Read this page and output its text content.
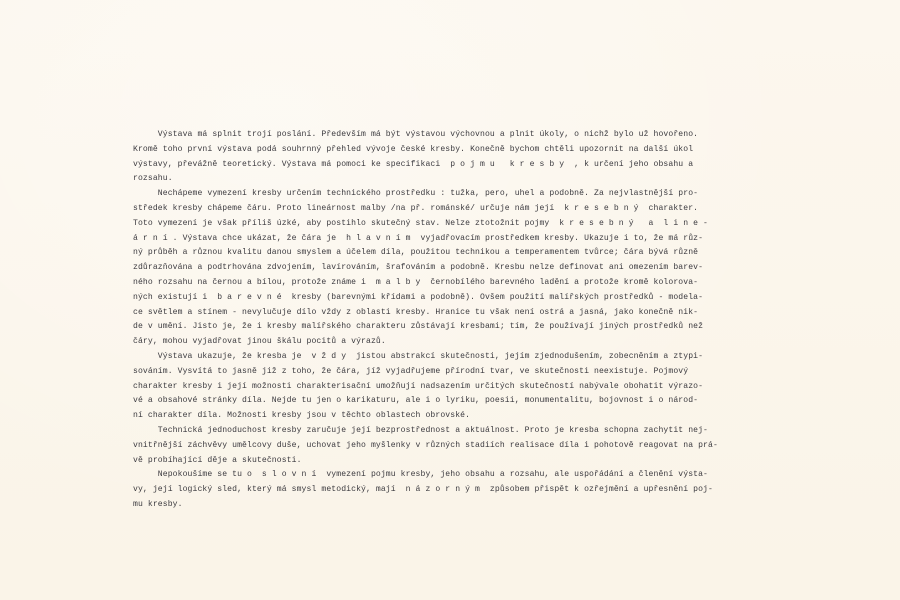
Výstava má splnit trojí poslání. Především má být výstavou výchovnou a plnit úkoly, o nichž bylo už hovořeno.
Kromě toho první výstava podá souhrnný přehled vývoje české kresby. Konečně bychom chtěli upozornit na další úkol
výstavy, převážně teoretický. Výstava má pomoci ke specifikaci  p o j m u   k r e s b y  , k určení jeho obsahu a
rozsahu.
Nechápeme vymezení kresby určením technického prostředku : tužka, pero, uhel a podobně. Za nejvlastnější pro-
středek kresby chápeme čáru. Proto lineárnost malby /na př. románské/ určuje nám její  k r e s e b n ý  charakter.
Toto vymezení je však příliš úzké, aby postihlo skutečný stav. Nelze ztotožnit pojmy  k r e s e b n ý   a  l i n e -
á r n í . Výstava chce ukázat, že čára je  h l a v n í m  vyjadřovacím prostředkem kresby. Ukazuje i to, že má růz-
ný průběh a různou kvalitu danou smyslem a účelem díla, použitou technikou a temperamentem tvůrce; čára bývá různě
zdůrazňována a podtrhována zdvojením, lavírováním, šrafováním a podobně. Kresbu nelze definovat ani omezením barev-
ného rozsahu na černou a bílou, protože známe i  m a l b y  černobílého barevného ladění a protože kromě kolorova-
ných existují i  b a r e v n é  kresby (barevnými křídami a podobně). Ovšem použití malířských prostředků - modela-
ce světlem a stínem - nevylučuje dílo vždy z oblasti kresby. Hranice tu však není ostrá a jasná, jako konečně nik-
de v umění. Jisto je, že i kresby malířského charakteru zůstávají kresbami; tím, že používají jiných prostředků než
čáry, mohou vyjadřovat jinou škálu pocitů a výrazů.
Výstava ukazuje, že kresba je  v ž d y  jistou abstrakcí skutečnosti, jejím zjednodušením, zobecněním a ztypi-
sováním. Vysvítá to jasně již z toho, že čára, jíž vyjadřujeme přírodní tvar, ve skutečnosti neexistuje. Pojmový
charakter kresby i její možnosti charakterisační umožňují nadsazením určitých skutečností nabývale obohatit výrazo-
vé a obsahové stránky díla. Nejde tu jen o karikaturu, ale i o lyriku, poesii, monumentalitu, bojovnost i o národ-
ní charakter díla. Možnosti kresby jsou v těchto oblastech obrovské.
Technická jednoduchost kresby zaručuje její bezprostřednost a aktuálnost. Proto je kresba schopna zachytit nej-
vnitřnější záchvěvy umělcovy duše, uchovat jeho myšlenky v různých stadiích realisace díla i pohotově reagovat na prá-
vě probíhající děje a skutečnosti.
Nepokoušíme se tu o  s l o v n í  vymezení pojmu kresby, jeho obsahu a rozsahu, ale uspořádání a členění výsta-
vy, její logický sled, který má smysl metodický, mají  n á z o r n ý m  způsobem přispět k ozřejmění a upřesnění poj-
mu kresby.
